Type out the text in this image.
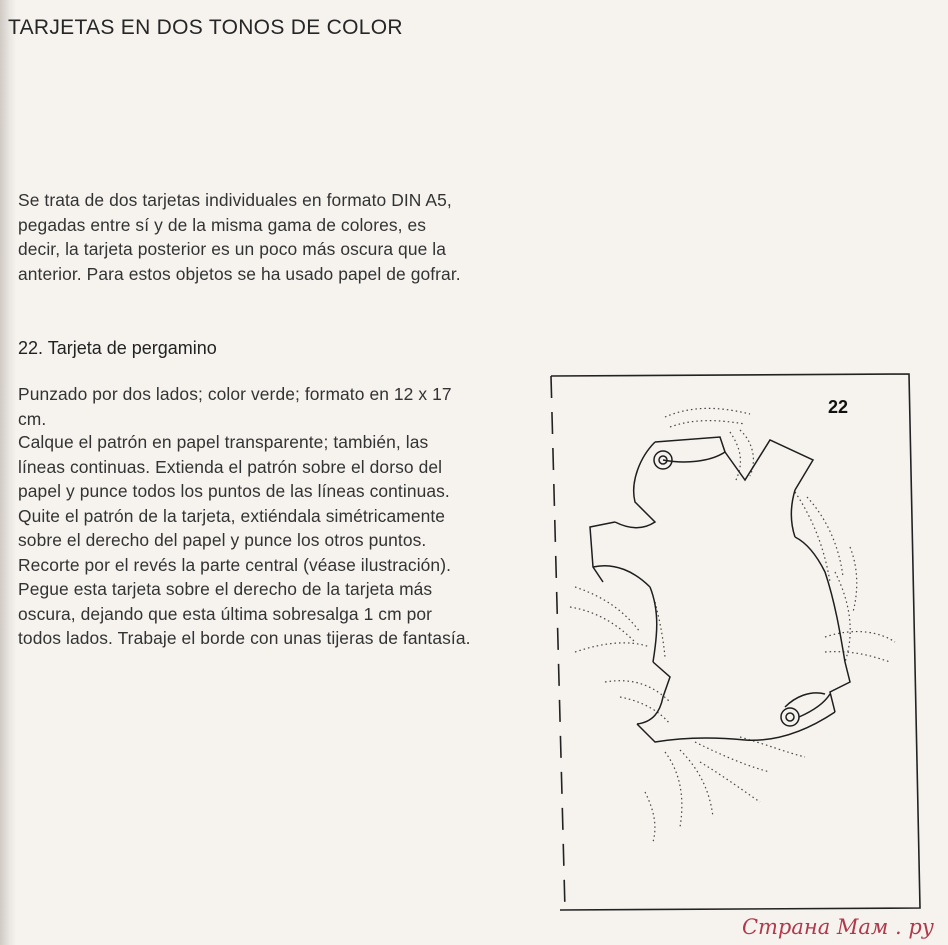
TARJETAS EN DOS TONOS DE COLOR

Se trata de dos tarjetas individuales en formato DIN A5, pegadas entre sí y de la misma gama de colores, es decir, la tarjeta posterior es un poco más oscura que la anterior. Para estos objetos se ha usado papel de gofrar.

22. Tarjeta de pergamino

Punzado por dos lados; color verde; formato en 12 x 17 cm.

Calque el patrón en papel transparente; también, las líneas continuas. Extienda el patrón sobre el dorso del papel y punce todos los puntos de las líneas continuas. Quite el patrón de la tarjeta, extiéndala simétricamente sobre el derecho del papel y punce los otros puntos. Recorte por el revés la parte central (véase ilustración). Pegue esta tarjeta sobre el derecho de la tarjeta más oscura, dejando que esta última sobresalga 1 cm por todos lados. Trabaje el borde con unas tijeras de fantasía.

22
Страна Мам . ру
